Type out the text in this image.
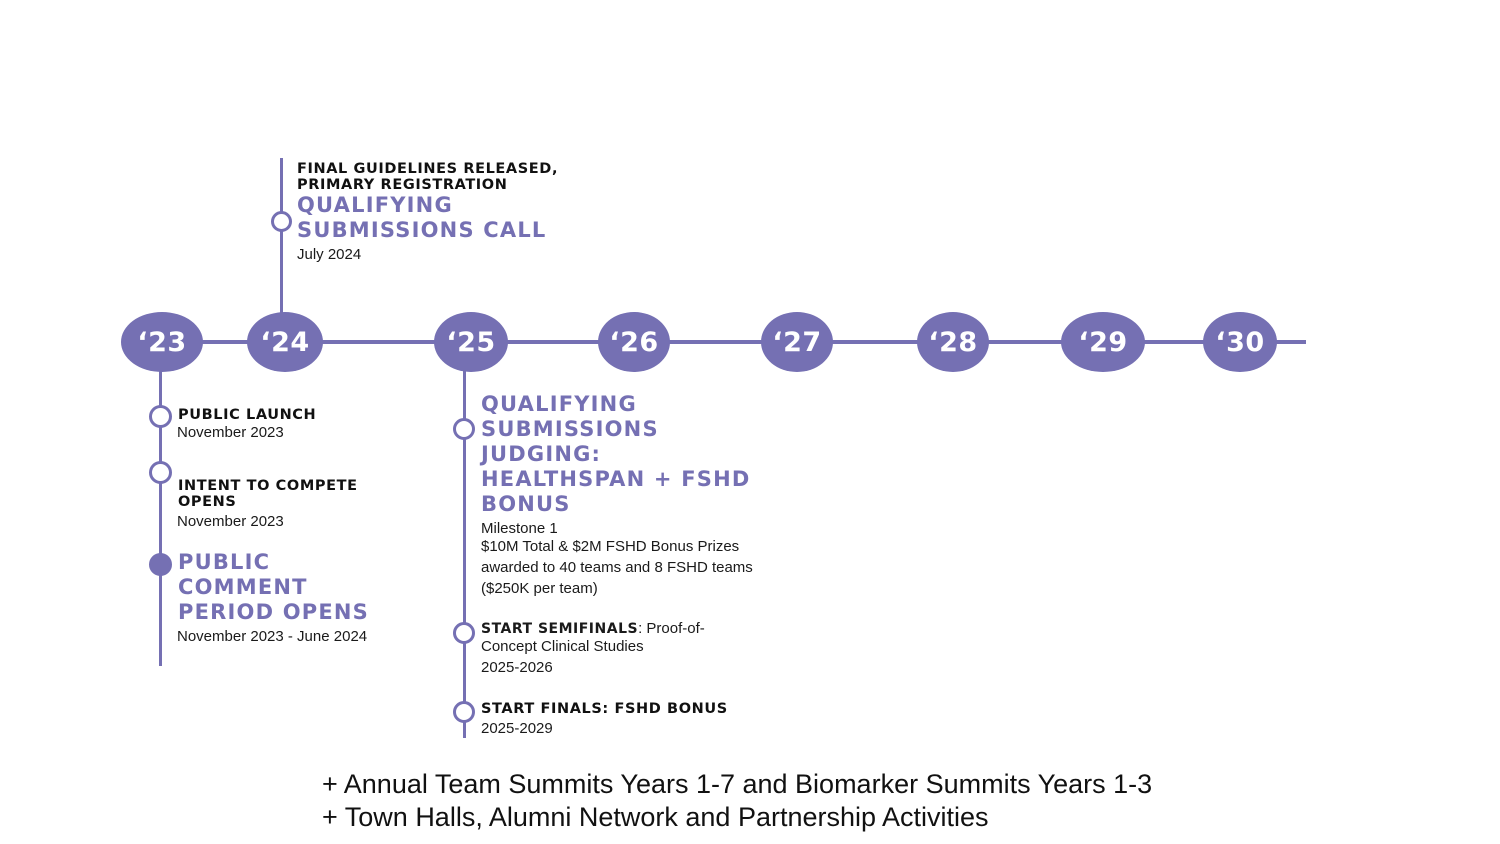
‘23	‘24	‘25	‘26	‘27	‘28	‘29	‘30
FINAL GUIDELINES RELEASED,
PRIMARY REGISTRATION
QUALIFYING
SUBMISSIONS CALL
July 2024
PUBLIC LAUNCH
November 2023
INTENT TO COMPETE
OPENS
November 2023
PUBLIC
COMMENT
PERIOD OPENS
November 2023 - June 2024
QUALIFYING
SUBMISSIONS
JUDGING:
HEALTHSPAN + FSHD
BONUS
Milestone 1
$10M Total & $2M FSHD Bonus Prizes
awarded to 40 teams and 8 FSHD teams
($250K per team)
START SEMIFINALS: Proof-of-
Concept Clinical Studies
2025-2026
START FINALS: FSHD BONUS
2025-2029
+ Annual Team Summits Years 1-7 and Biomarker Summits Years 1-3
+ Town Halls, Alumni Network and Partnership Activities
